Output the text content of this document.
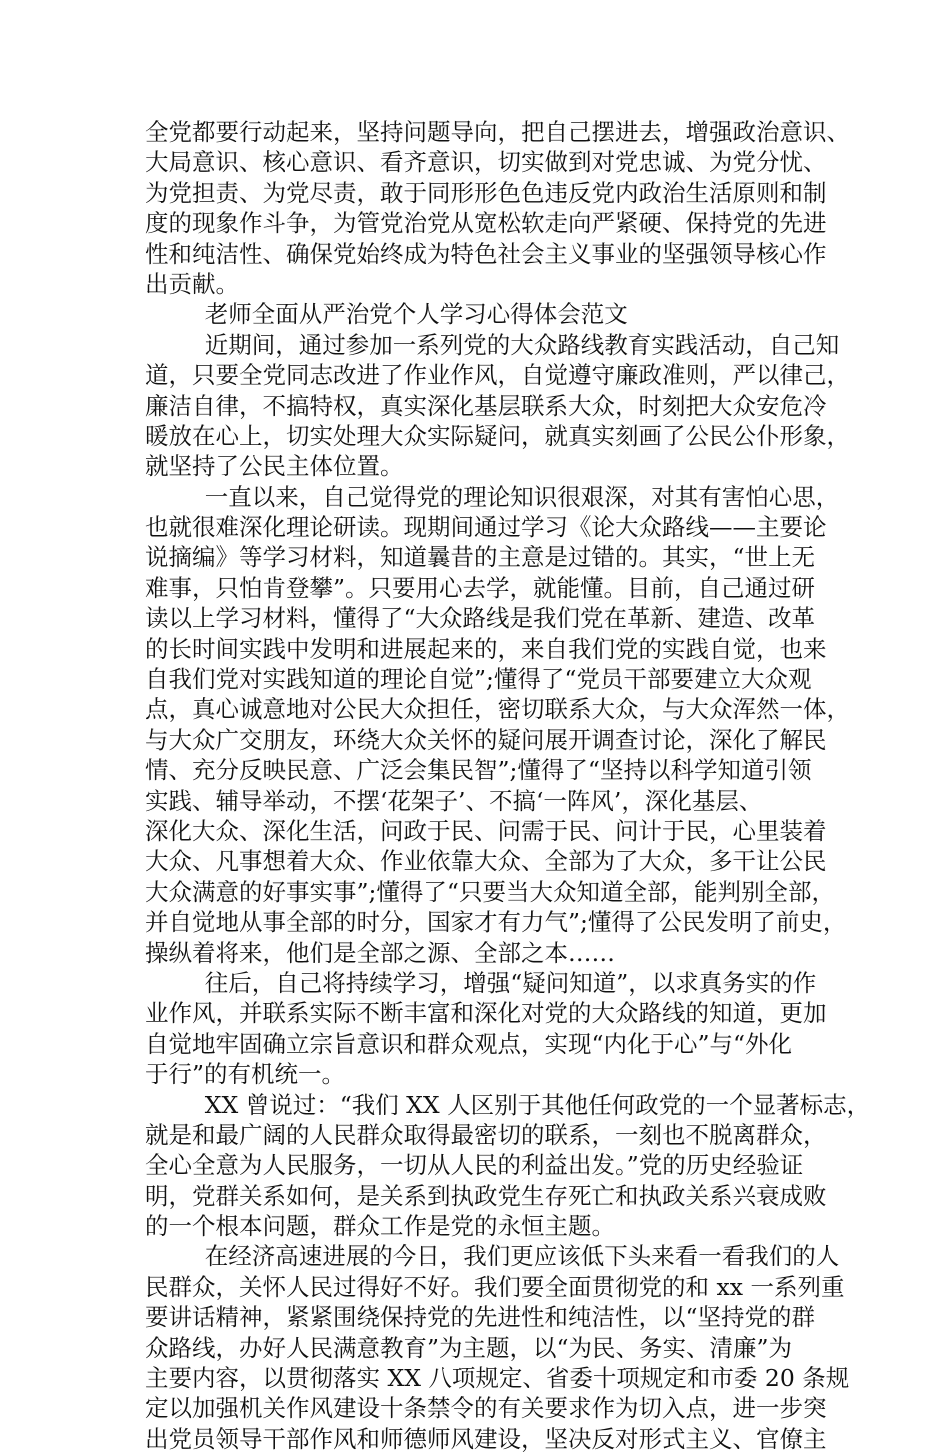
全党都要行动起来，坚持问题导向，把自己摆进去，增强政治意识、
大局意识、核心意识、看齐意识，切实做到对党忠诚、为党分忧、
为党担责、为党尽责，敢于同形形色色违反党内政治生活原则和制
度的现象作斗争，为管党治党从宽松软走向严紧硬、保持党的先进
性和纯洁性、确保党始终成为特色社会主义事业的坚强领导核心作
出贡献。
老师全面从严治党个人学习心得体会范文
近期间，通过参加一系列党的大众路线教育实践活动，自己知
道，只要全党同志改进了作业作风，自觉遵守廉政准则，严以律己，
廉洁自律，不搞特权，真实深化基层联系大众，时刻把大众安危冷
暖放在心上，切实处理大众实际疑问，就真实刻画了公民公仆形象，
就坚持了公民主体位置。
一直以来，自己觉得党的理论知识很艰深，对其有害怕心思，
也就很难深化理论研读。现期间通过学习《论大众路线——主要论
说摘编》等学习材料，知道曩昔的主意是过错的。其实，“世上无
难事，只怕肯登攀”。只要用心去学，就能懂。目前，自己通过研
读以上学习材料，懂得了“大众路线是我们党在革新、建造、改革
的长时间实践中发明和进展起来的，来自我们党的实践自觉，也来
自我们党对实践知道的理论自觉”;懂得了“党员干部要建立大众观
点，真心诚意地对公民大众担任，密切联系大众，与大众浑然一体，
与大众广交朋友，环绕大众关怀的疑问展开调查讨论，深化了解民
情、充分反映民意、广泛会集民智”;懂得了“坚持以科学知道引领
实践、辅导举动，不摆‘花架子’、不搞‘一阵风’，深化基层、
深化大众、深化生活，问政于民、问需于民、问计于民，心里装着
大众、凡事想着大众、作业依靠大众、全部为了大众，多干让公民
大众满意的好事实事”;懂得了“只要当大众知道全部，能判别全部，
并自觉地从事全部的时分，国家才有力气”;懂得了公民发明了前史，
操纵着将来，他们是全部之源、全部之本……
往后，自己将持续学习，增强“疑问知道”，以求真务实的作
业作风，并联系实际不断丰富和深化对党的大众路线的知道，更加
自觉地牢固确立宗旨意识和群众观点，实现“内化于心”与“外化
于行”的有机统一。
XX 曾说过：“我们 XX 人区别于其他任何政党的一个显著标志，
就是和最广阔的人民群众取得最密切的联系，一刻也不脱离群众，
全心全意为人民服务，一切从人民的利益出发。”党的历史经验证
明，党群关系如何，是关系到执政党生存死亡和执政关系兴衰成败
的一个根本问题，群众工作是党的永恒主题。
在经济高速进展的今日，我们更应该低下头来看一看我们的人
民群众，关怀人民过得好不好。我们要全面贯彻党的和 xx 一系列重
要讲话精神，紧紧围绕保持党的先进性和纯洁性，以“坚持党的群
众路线，办好人民满意教育”为主题，以“为民、务实、清廉”为
主要内容，以贯彻落实 XX 八项规定、省委十项规定和市委 20 条规
定以加强机关作风建设十条禁令的有关要求作为切入点，进一步突
出党员领导干部作风和师德师风建设，坚决反对形式主义、官僚主
